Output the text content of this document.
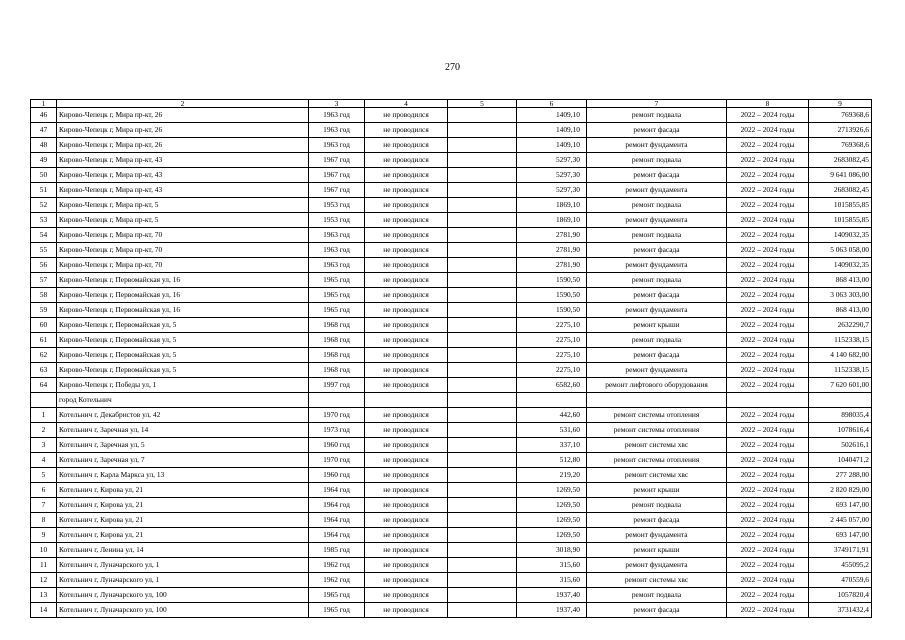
270
1	2	3	4	5	6	7	8	9
46	Кирово-Чепецк г, Мира пр-кт, 26	1963 год	не проводился		1409,10	ремонт подвала	2022 – 2024 годы	769368,6
47	Кирово-Чепецк г, Мира пр-кт, 26	1963 год	не проводился		1409,10	ремонт фасада	2022 – 2024 годы	2713926,6
48	Кирово-Чепецк г, Мира пр-кт, 26	1963 год	не проводился		1409,10	ремонт фундамента	2022 – 2024 годы	769368,6
49	Кирово-Чепецк г, Мира пр-кт, 43	1967 год	не проводился		5297,30	ремонт подвала	2022 – 2024 годы	2683082,45
50	Кирово-Чепецк г, Мира пр-кт, 43	1967 год	не проводился		5297,30	ремонт фасада	2022 – 2024 годы	9 641 086,00
51	Кирово-Чепецк г, Мира пр-кт, 43	1967 год	не проводился		5297,30	ремонт фундамента	2022 – 2024 годы	2683082,45
52	Кирово-Чепецк г, Мира пр-кт, 5	1953 год	не проводился		1869,10	ремонт подвала	2022 – 2024 годы	1015855,85
53	Кирово-Чепецк г, Мира пр-кт, 5	1953 год	не проводился		1869,10	ремонт фундамента	2022 – 2024 годы	1015855,85
54	Кирово-Чепецк г, Мира пр-кт, 70	1963 год	не проводился		2781,90	ремонт подвала	2022 – 2024 годы	1409032,35
55	Кирово-Чепецк г, Мира пр-кт, 70	1963 год	не проводился		2781,90	ремонт фасада	2022 – 2024 годы	5 063 058,00
56	Кирово-Чепецк г, Мира пр-кт, 70	1963 год	не проводился		2781,90	ремонт фундамента	2022 – 2024 годы	1409032,35
57	Кирово-Чепецк г, Первомайская ул, 16	1965 год	не проводился		1590,50	ремонт подвала	2022 – 2024 годы	868 413,00
58	Кирово-Чепецк г, Первомайская ул, 16	1965 год	не проводился		1590,50	ремонт фасада	2022 – 2024 годы	3 063 303,00
59	Кирово-Чепецк г, Первомайская ул, 16	1965 год	не проводился		1590,50	ремонт фундамента	2022 – 2024 годы	868 413,00
60	Кирово-Чепецк г, Первомайская ул, 5	1968 год	не проводился		2275,10	ремонт крыши	2022 – 2024 годы	2632290,7
61	Кирово-Чепецк г, Первомайская ул, 5	1968 год	не проводился		2275,10	ремонт подвала	2022 – 2024 годы	1152338,15
62	Кирово-Чепецк г, Первомайская ул, 5	1968 год	не проводился		2275,10	ремонт фасада	2022 – 2024 годы	4 140 682,00
63	Кирово-Чепецк г, Первомайская ул, 5	1968 год	не проводился		2275,10	ремонт фундамента	2022 – 2024 годы	1152338,15
64	Кирово-Чепецк г, Победы ул, 1	1997 год	не проводился		6582,60	ремонт лифтового оборудования	2022 – 2024 годы	7 620 601,00
	город Котельнич							
1	Котельнич г, Декабристов ул, 42	1970 год	не проводился		442,60	ремонт системы отопления	2022 – 2024 годы	898035,4
2	Котельнич г, Заречная ул, 14	1973 год	не проводился		531,60	ремонт системы отопления	2022 – 2024 годы	1078616,4
3	Котельнич г, Заречная ул, 5	1960 год	не проводился		337,10	ремонт системы хвс	2022 – 2024 годы	502616,1
4	Котельнич г, Заречная ул, 7	1970 год	не проводился		512,80	ремонт системы отопления	2022 – 2024 годы	1040471,2
5	Котельнич г, Карла Маркса ул, 13	1960 год	не проводился		219,20	ремонт системы хвс	2022 – 2024 годы	277 288,00
6	Котельнич г, Кирова ул, 21	1964 год	не проводился		1269,50	ремонт крыши	2022 – 2024 годы	2 820 829,00
7	Котельнич г, Кирова ул, 21	1964 год	не проводился		1269,50	ремонт подвала	2022 – 2024 годы	693 147,00
8	Котельнич г, Кирова ул, 21	1964 год	не проводился		1269,50	ремонт фасада	2022 – 2024 годы	2 445 057,00
9	Котельнич г, Кирова ул, 21	1964 год	не проводился		1269,50	ремонт фундамента	2022 – 2024 годы	693 147,00
10	Котельнич г, Ленина ул, 14	1985 год	не проводился		3018,90	ремонт крыши	2022 – 2024 годы	3749171,91
11	Котельнич г, Луначарского ул, 1	1962 год	не проводился		315,60	ремонт фундамента	2022 – 2024 годы	455095,2
12	Котельнич г, Луначарского ул, 1	1962 год	не проводился		315,60	ремонт системы хвс	2022 – 2024 годы	470559,6
13	Котельнич г, Луначарского ул, 100	1965 год	не проводился		1937,40	ремонт подвала	2022 – 2024 годы	1057820,4
14	Котельнич г, Луначарского ул, 100	1965 год	не проводился		1937,40	ремонт фасада	2022 – 2024 годы	3731432,4
